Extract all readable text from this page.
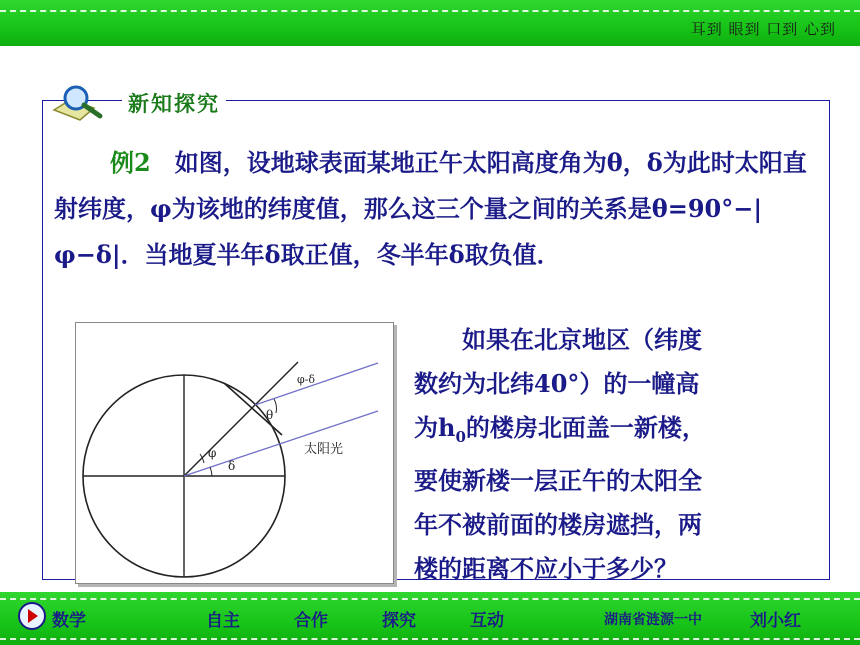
耳到 眼到 口到 心到
新知探究
例2　如图，设地球表面某地正午太阳高度角为θ，δ为此时太阳直射纬度，φ为该地的纬度值，那么这三个量之间的关系是θ=90°−|φ−δ|．当地夏半年δ取正值，冬半年δ取负值．
φ-δ
θ
φ
δ
太阳光
　　如果在北京地区（纬度
数约为北纬40°）的一幢高
为$h_0$的楼房北面盖一新楼，
要使新楼一层正午的太阳全
年不被前面的楼房遮挡，两
楼的距离不应小于多少？
数学	自主	合作	探究	互动	湖南省涟源一中	刘小红
